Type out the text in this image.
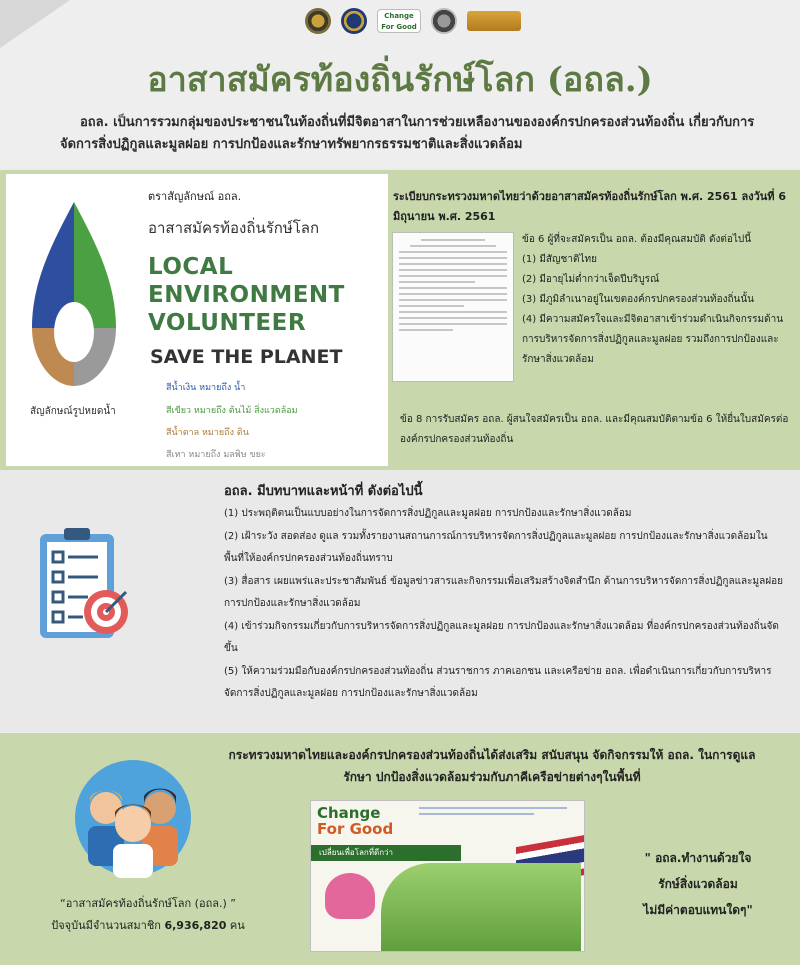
Change For Good
อาสาสมัครท้องถิ่นรักษ์โลก (อถล.)
อถล. เป็นการรวมกลุ่มของประชาชนในท้องถิ่นที่มีจิตอาสาในการช่วยเหลืองานขององค์กรปกครองส่วนท้องถิ่น เกี่ยวกับการจัดการสิ่งปฏิกูลและมูลฝอย การปกป้องและรักษาทรัพยากรธรรมชาติและสิ่งแวดล้อม
ตราสัญลักษณ์ อถล.
อาสาสมัครท้องถิ่นรักษ์โลก
LOCAL
ENVIRONMENT
VOLUNTEER
SAVE THE PLANET
สัญลักษณ์รูปหยดน้ำ
สีน้ำเงิน หมายถึง น้ำ
สีเขียว หมายถึง ต้นไม้ สิ่งแวดล้อม
สีน้ำตาล หมายถึง ดิน
สีเทา หมายถึง มลพิษ ขยะ
ระเบียบกระทรวงมหาดไทยว่าด้วยอาสาสมัครท้องถิ่นรักษ์โลก พ.ศ. 2561 ลงวันที่ 6 มิถุนายน พ.ศ. 2561
ข้อ 6 ผู้ที่จะสมัครเป็น อถล. ต้องมีคุณสมบัติ ดังต่อไปนี้
(1) มีสัญชาติไทย
(2) มีอายุไม่ต่ำกว่าเจ็ดปีบริบูรณ์
(3) มีภูมิลำเนาอยู่ในเขตองค์กรปกครองส่วนท้องถิ่นนั้น
(4) มีความสมัครใจและมีจิตอาสาเข้าร่วมดำเนินกิจกรรมด้านการบริหารจัดการสิ่งปฏิกูลและมูลฝอย รวมถึงการปกป้องและรักษาสิ่งแวดล้อม
ข้อ 8 การรับสมัคร อถล. ผู้สนใจสมัครเป็น อถล. และมีคุณสมบัติตามข้อ 6 ให้ยื่นใบสมัครต่อองค์กรปกครองส่วนท้องถิ่น
อถล. มีบทบาทและหน้าที่ ดังต่อไปนี้
(1) ประพฤติตนเป็นแบบอย่างในการจัดการสิ่งปฏิกูลและมูลฝอย การปกป้องและรักษาสิ่งแวดล้อม
(2) เฝ้าระวัง สอดส่อง ดูแล รวมทั้งรายงานสถานการณ์การบริหารจัดการสิ่งปฏิกูลและมูลฝอย การปกป้องและรักษาสิ่งแวดล้อมในพื้นที่ให้องค์กรปกครองส่วนท้องถิ่นทราบ
(3) สื่อสาร เผยแพร่และประชาสัมพันธ์ ข้อมูลข่าวสารและกิจกรรมเพื่อเสริมสร้างจิตสำนึก ด้านการบริหารจัดการสิ่งปฏิกูลและมูลฝอย การปกป้องและรักษาสิ่งแวดล้อม
(4) เข้าร่วมกิจกรรมเกี่ยวกับการบริหารจัดการสิ่งปฏิกูลและมูลฝอย การปกป้องและรักษาสิ่งแวดล้อม ที่องค์กรปกครองส่วนท้องถิ่นจัดขึ้น
(5) ให้ความร่วมมือกับองค์กรปกครองส่วนท้องถิ่น ส่วนราชการ ภาคเอกชน และเครือข่าย อถล. เพื่อดำเนินการเกี่ยวกับการบริหารจัดการสิ่งปฏิกูลและมูลฝอย การปกป้องและรักษาสิ่งแวดล้อม
กระทรวงมหาดไทยและองค์กรปกครองส่วนท้องถิ่นได้ส่งเสริม สนับสนุน จัดกิจกรรมให้ อถล. ในการดูแลรักษา ปกป้องสิ่งแวดล้อมร่วมกับภาคีเครือข่ายต่างๆในพื้นที่
“อาสาสมัครท้องถิ่นรักษ์โลก (อถล.) ”
ปัจจุบันมีจำนวนสมาชิก 6,936,820 คน
Change
For Good
เปลี่ยนเพื่อโลกที่ดีกว่า	" อถล.ทำงานด้วยใจ
รักษ์สิ่งแวดล้อม
ไม่มีค่าตอบแทนใดๆ"
